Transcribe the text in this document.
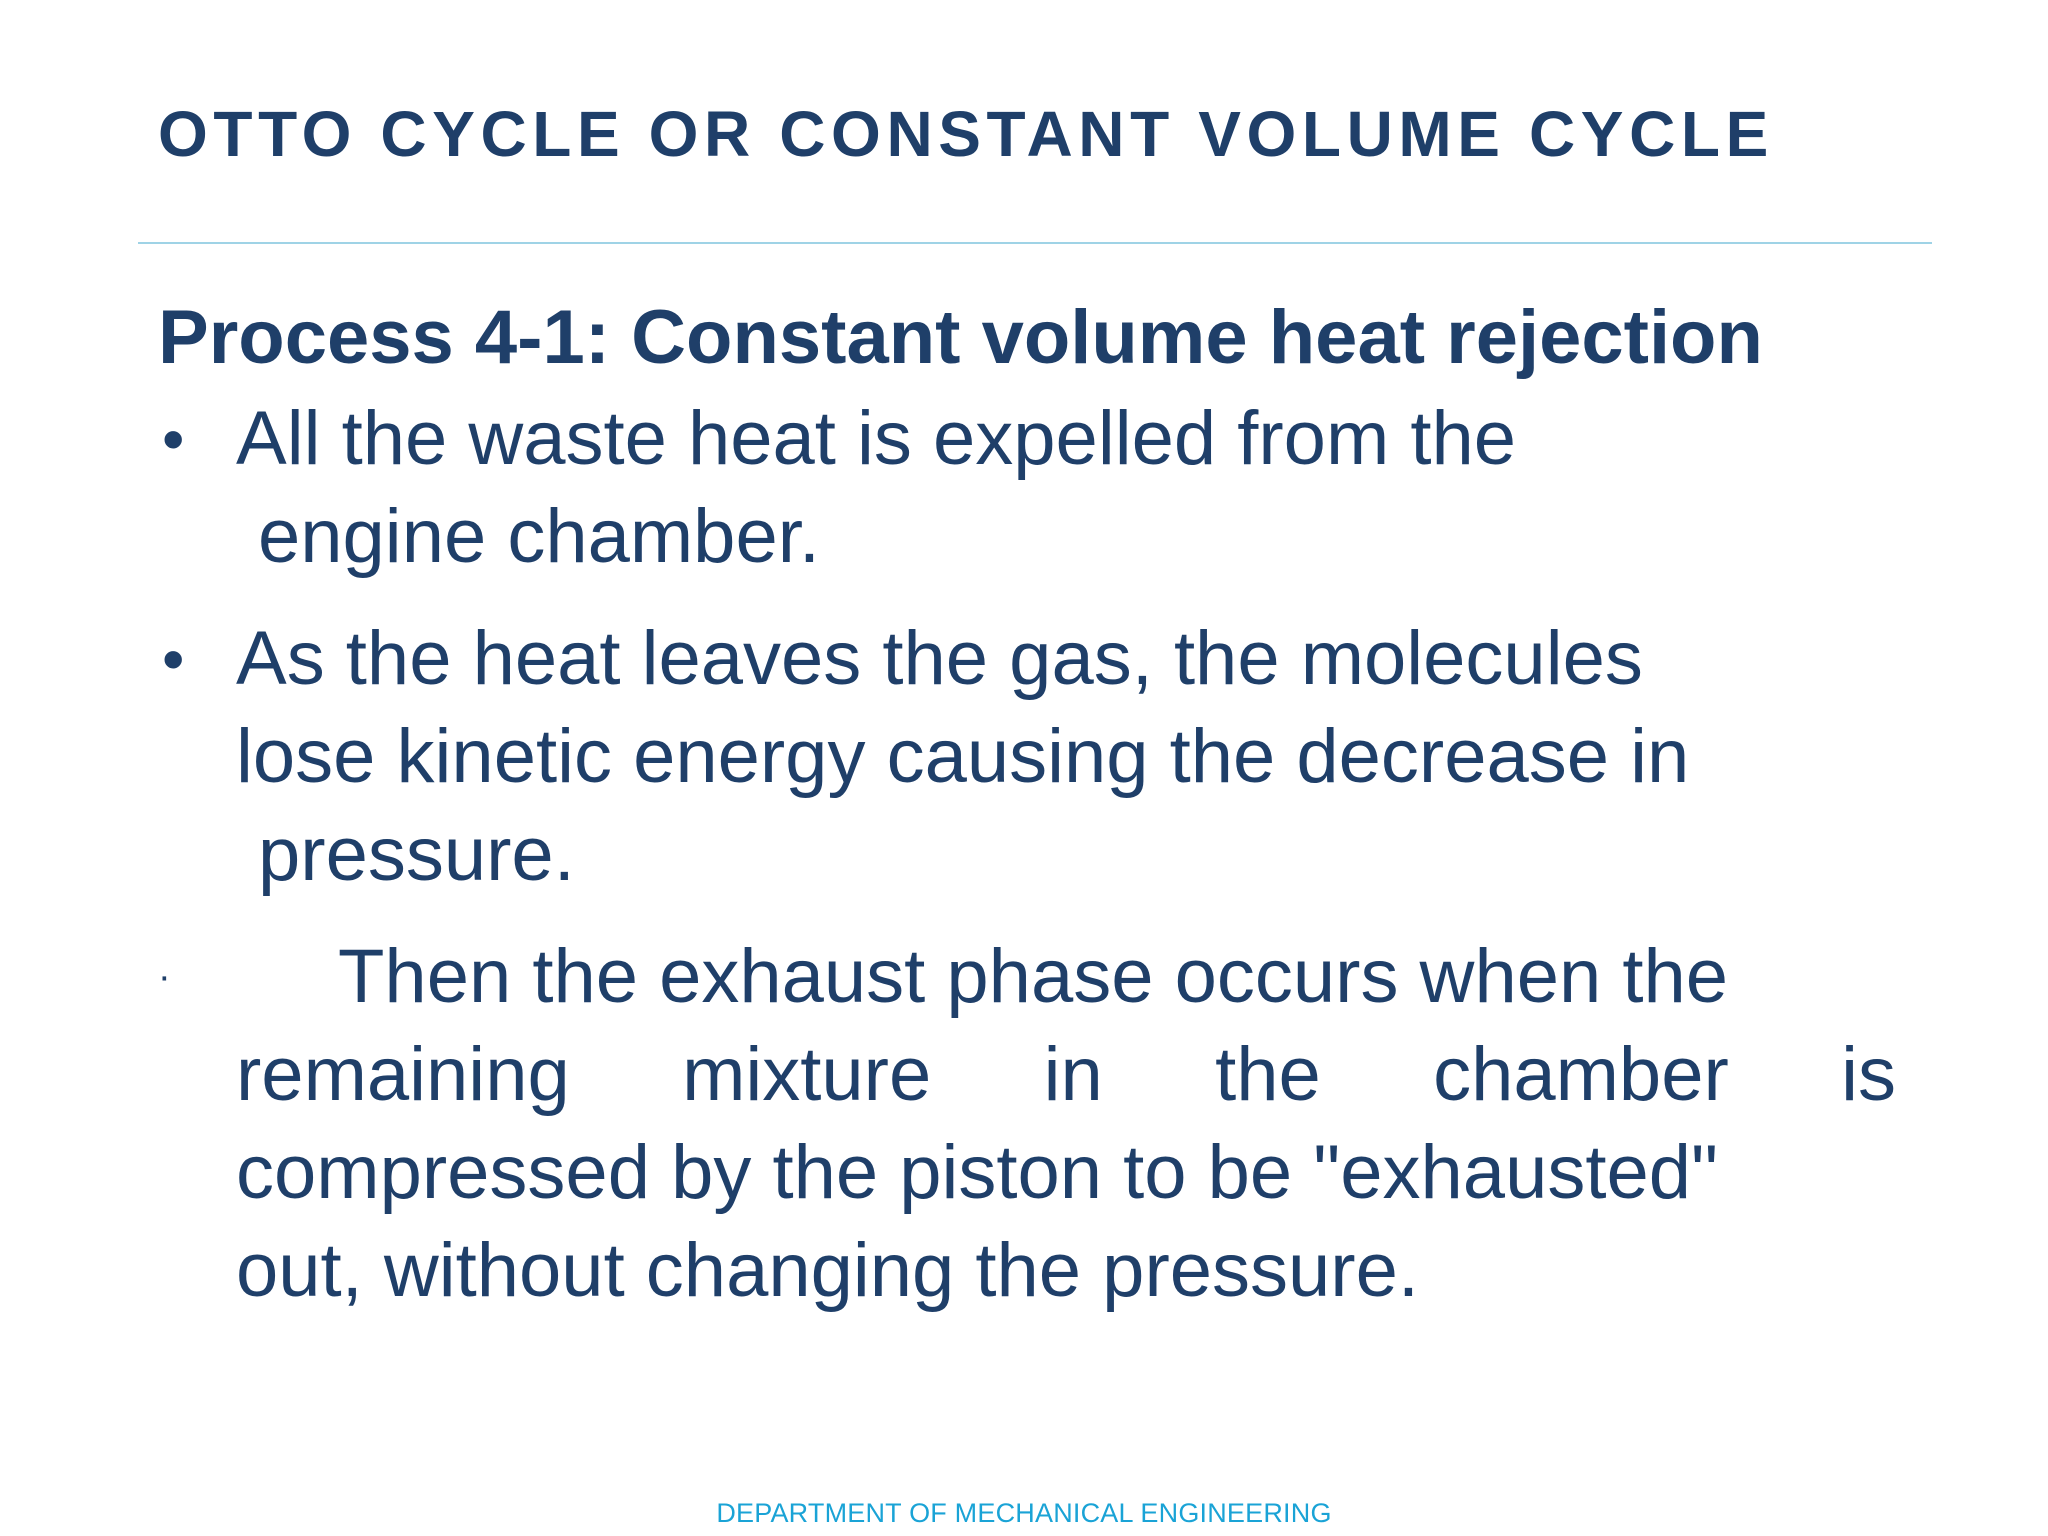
OTTO CYCLE OR CONSTANT VOLUME CYCLE
Process 4-1: Constant volume heat rejection
• All the waste heat is expelled from the
engine chamber.
• As the heat leaves the gas, the molecules
lose kinetic energy causing the decrease in
pressure.
·	Then the exhaust phase occurs when the
remaining mixture in the chamber is
compressed by the piston to be "exhausted"
out, without changing the pressure.
DEPARTMENT OF MECHANICAL ENGINEERING
